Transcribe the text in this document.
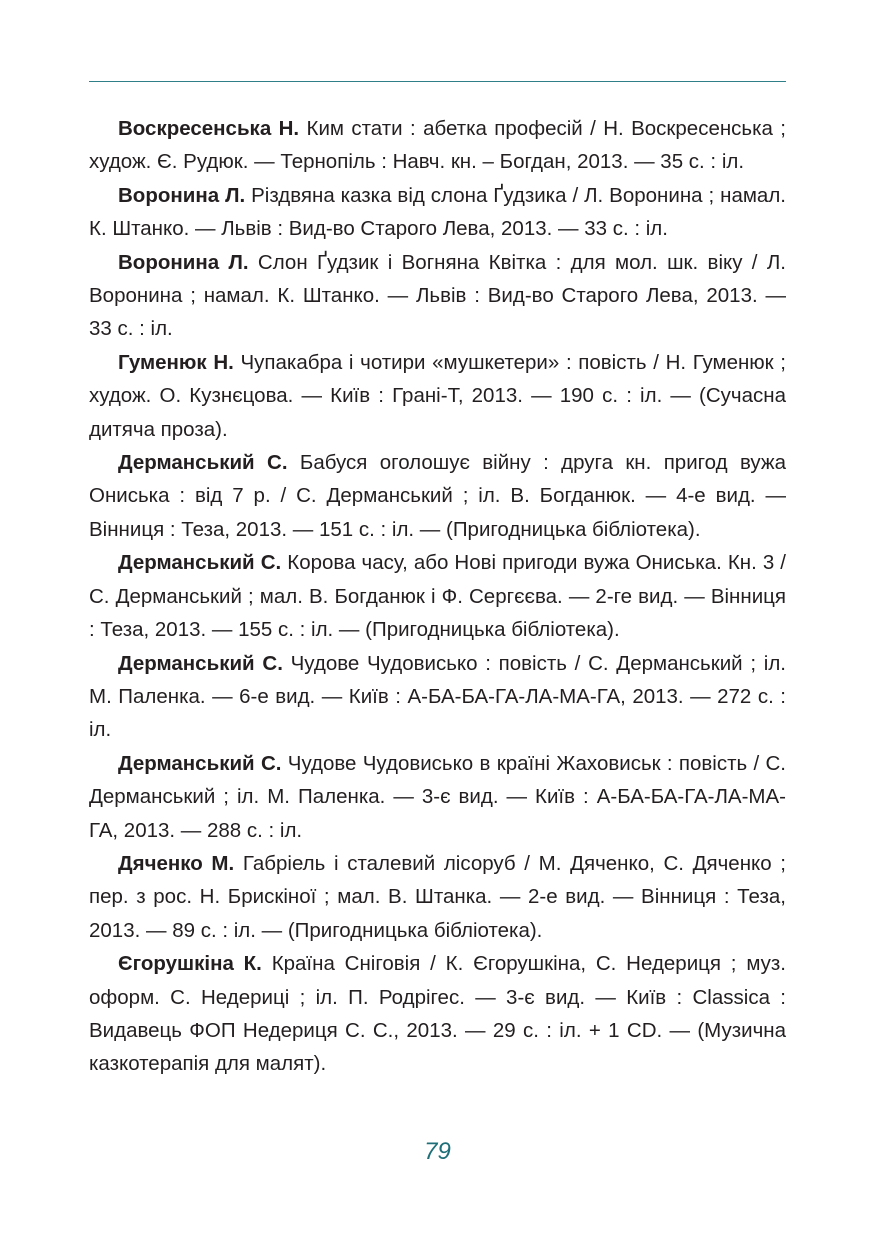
Воскресенська Н. Ким стати : абетка професій / Н. Воскресенська ; худож. Є. Рудюк. — Тернопіль : Навч. кн. – Богдан, 2013. — 35 с. : іл.

Воронина Л. Різдвяна казка від слона Ґудзика / Л. Воронина ; намал. К. Штанко. — Львів : Вид-во Старого Лева, 2013. — 33 с. : іл.

Воронина Л. Слон Ґудзик і Вогняна Квітка : для мол. шк. віку / Л. Воронина ; намал. К. Штанко. — Львів : Вид-во Старого Лева, 2013. — 33 с. : іл.

Гуменюк Н. Чупакабра і чотири «мушкетери» : повість / Н. Гуменюк ; худож. О. Кузнєцова. — Київ : Грані-Т, 2013. — 190 с. : іл. — (Сучасна дитяча проза).

Дерманський С. Бабуся оголошує війну : друга кн. пригод вужа Ониська : від 7 р. / С. Дерманський ; іл. В. Богданюк. — 4-е вид. — Вінниця : Теза, 2013. — 151 с. : іл. — (Пригодницька бібліотека).

Дерманський С. Корова часу, або Нові пригоди вужа Ониська. Кн. 3 / С. Дерманський ; мал. В. Богданюк і Ф. Сергєєва. — 2-ге вид. — Вінниця : Теза, 2013. — 155 с. : іл. — (Пригодницька бібліотека).

Дерманський С. Чудове Чудовисько : повість / С. Дерманський ; іл. М. Паленка. — 6-е вид. — Київ : А-БА-БА-ГА-ЛА-МА-ГА, 2013. — 272 с. : іл.

Дерманський С. Чудове Чудовисько в країні Жаховиськ : повість / С. Дерманський ; іл. М. Паленка. — 3-є вид. — Київ : А-БА-БА-ГА-ЛА-МА-ГА, 2013. — 288 с. : іл.

Дяченко М. Габріель і сталевий лісоруб / М. Дяченко, С. Дяченко ; пер. з рос. Н. Брискіної ; мал. В. Штанка. — 2-е вид. — Вінниця : Теза, 2013. — 89 с. : іл. — (Пригодницька бібліотека).

Єгорушкіна К. Країна Сніговія / К. Єгорушкіна, С. Недериця ; муз. оформ. С. Недериці ; іл. П. Родрігес. — 3-є вид. — Київ : Classica : Видавець ФОП Недериця С. С., 2013. — 29 с. : іл. + 1 CD. — (Музична казкотерапія для малят).

79
